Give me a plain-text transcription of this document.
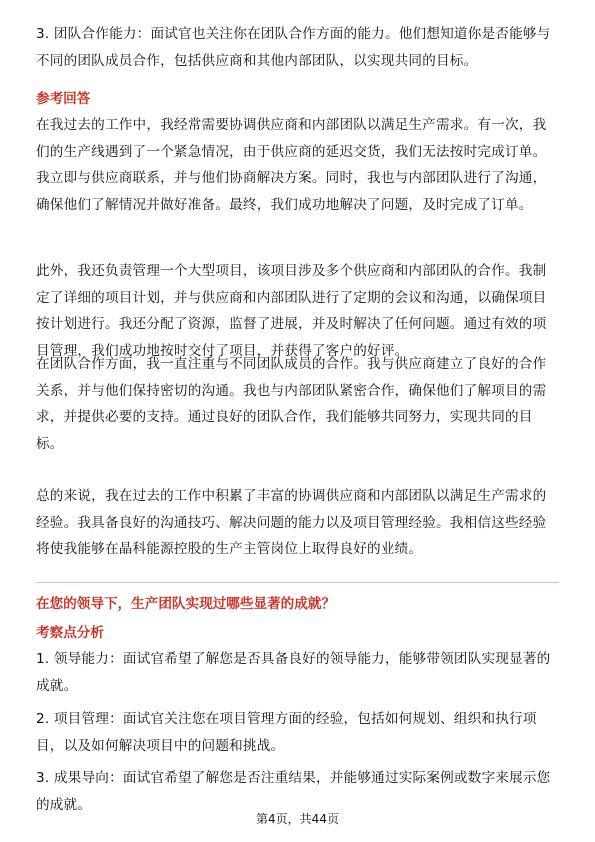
3. 团队合作能力：面试官也关注你在团队合作方面的能力。他们想知道你是否能够与不同的团队成员合作，包括供应商和其他内部团队，以实现共同的目标。

参考回答

在我过去的工作中，我经常需要协调供应商和内部团队以满足生产需求。有一次，我们的生产线遇到了一个紧急情况，由于供应商的延迟交货，我们无法按时完成订单。我立即与供应商联系，并与他们协商解决方案。同时，我也与内部团队进行了沟通，确保他们了解情况并做好准备。最终，我们成功地解决了问题，及时完成了订单。

此外，我还负责管理一个大型项目，该项目涉及多个供应商和内部团队的合作。我制定了详细的项目计划，并与供应商和内部团队进行了定期的会议和沟通，以确保项目按计划进行。我还分配了资源，监督了进展，并及时解决了任何问题。通过有效的项目管理，我们成功地按时交付了项目，并获得了客户的好评。

在团队合作方面，我一直注重与不同团队成员的合作。我与供应商建立了良好的合作关系，并与他们保持密切的沟通。我也与内部团队紧密合作，确保他们了解项目的需求，并提供必要的支持。通过良好的团队合作，我们能够共同努力，实现共同的目标。

总的来说，我在过去的工作中积累了丰富的协调供应商和内部团队以满足生产需求的经验。我具备良好的沟通技巧、解决问题的能力以及项目管理经验。我相信这些经验将使我能够在晶科能源控股的生产主管岗位上取得良好的业绩。

在您的领导下，生产团队实现过哪些显著的成就？

考察点分析

1. 领导能力：面试官希望了解您是否具备良好的领导能力，能够带领团队实现显著的成就。

2. 项目管理：面试官关注您在项目管理方面的经验，包括如何规划、组织和执行项目，以及如何解决项目中的问题和挑战。

3. 成果导向：面试官希望了解您是否注重结果，并能够通过实际案例或数字来展示您的成就。

第4页，共44页
